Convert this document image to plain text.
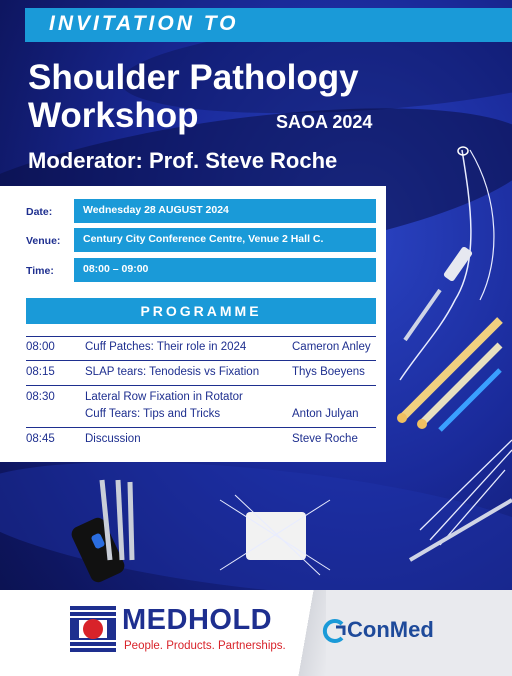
INVITATION TO
Shoulder Pathology
Workshop	SAOA 2024
Moderator: Prof. Steve Roche
Date:	Wednesday 28 AUGUST 2024
Venue: Century City Conference Centre, Venue 2 Hall C.
Time:	08:00 – 09:00
PROGRAMME
08:00	Cuff Patches: Their role in 2024	Cameron Anley
08:15	SLAP tears: Tenodesis vs Fixation	Thys Boeyens
08:30	Lateral Row Fixation in Rotator
Cuff Tears: Tips and Tricks	Anton Julyan
08:45	Discussion	Steve Roche
MEDHOLD
People. Products. Partnerships.
ConMed
